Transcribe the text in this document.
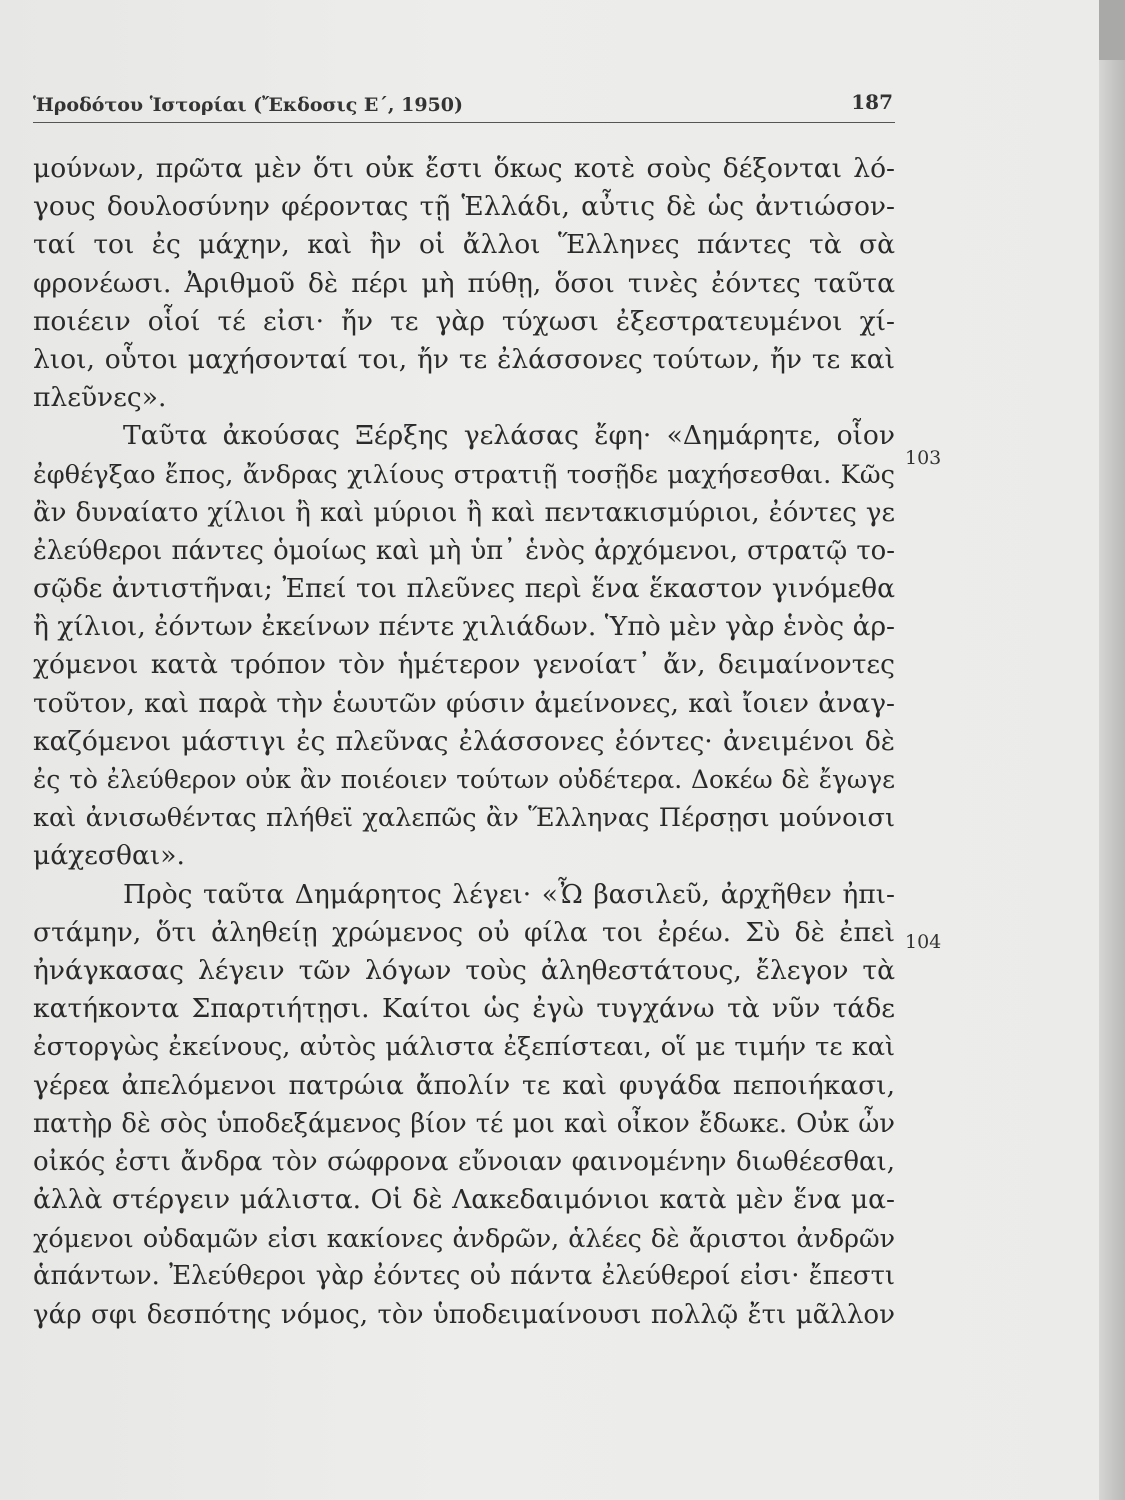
Ἡροδότου Ἱστορίαι (Ἔκδοσις Ε΄, 1950)	187
μούνων, πρῶτα μὲν ὅτι οὐκ ἔστι ὅκως κοτὲ σοὺς δέξονται λό-
γους δουλοσύνην φέροντας τῇ Ἑλλάδι, αὖτις δὲ ὡς ἀντιώσον-
ταί τοι ἐς μάχην, καὶ ἢν οἱ ἄλλοι Ἕλληνες πάντες τὰ σὰ
φρονέωσι. Ἀριθμοῦ δὲ πέρι μὴ πύθῃ, ὅσοι τινὲς ἐόντες ταῦτα
ποιέειν οἷοί τέ εἰσι· ἤν τε γὰρ τύχωσι ἐξεστρατευμένοι χί-
λιοι, οὗτοι μαχήσονταί τοι, ἤν τε ἐλάσσονες τούτων, ἤν τε καὶ
πλεῦνες».
Ταῦτα ἀκούσας Ξέρξης γελάσας ἔφη· «Δημάρητε, οἷον
ἐφθέγξαο ἔπος, ἄνδρας χιλίους στρατιῇ τοσῇδε μαχήσεσθαι. Κῶς
ἂν δυναίατο χίλιοι ἢ καὶ μύριοι ἢ καὶ πεντακισμύριοι, ἐόντες γε
ἐλεύθεροι πάντες ὁμοίως καὶ μὴ ὑπ᾽ ἑνὸς ἀρχόμενοι, στρατῷ το-
σῷδε ἀντιστῆναι; Ἐπεί τοι πλεῦνες περὶ ἕνα ἕκαστον γινόμεθα
ἢ χίλιοι, ἐόντων ἐκείνων πέντε χιλιάδων. Ὑπὸ μὲν γὰρ ἑνὸς ἀρ-
χόμενοι κατὰ τρόπον τὸν ἡμέτερον γενοίατ᾽ ἄν, δειμαίνοντες
τοῦτον, καὶ παρὰ τὴν ἑωυτῶν φύσιν ἀμείνονες, καὶ ἴοιεν ἀναγ-
καζόμενοι μάστιγι ἐς πλεῦνας ἐλάσσονες ἐόντες· ἀνειμένοι δὲ
ἐς τὸ ἐλεύθερον οὐκ ἂν ποιέοιεν τούτων οὐδέτερα. Δοκέω δὲ ἔγωγε
καὶ ἀνισωθέντας πλήθεϊ χαλεπῶς ἂν Ἕλληνας Πέρσῃσι μούνοισι
μάχεσθαι».
Πρὸς ταῦτα Δημάρητος λέγει· «Ὦ βασιλεῦ, ἀρχῆθεν ἠπι-
στάμην, ὅτι ἀληθείῃ χρώμενος οὐ φίλα τοι ἐρέω. Σὺ δὲ ἐπεὶ
ἠνάγκασας λέγειν τῶν λόγων τοὺς ἀληθεστάτους, ἔλεγον τὰ
κατήκοντα Σπαρτιήτῃσι. Καίτοι ὡς ἐγὼ τυγχάνω τὰ νῦν τάδε
ἐστοργὼς ἐκείνους, αὐτὸς μάλιστα ἐξεπίστεαι, οἵ με τιμήν τε καὶ
γέρεα ἀπελόμενοι πατρώια ἄπολίν τε καὶ φυγάδα πεποιήκασι,
πατὴρ δὲ σὸς ὑποδεξάμενος βίον τέ μοι καὶ οἶκον ἔδωκε. Οὐκ ὦν
οἰκός ἐστι ἄνδρα τὸν σώφρονα εὔνοιαν φαινομένην διωθέεσθαι,
ἀλλὰ στέργειν μάλιστα. Οἱ δὲ Λακεδαιμόνιοι κατὰ μὲν ἕνα μα-
χόμενοι οὐδαμῶν εἰσι κακίονες ἀνδρῶν, ἁλέες δὲ ἄριστοι ἀνδρῶν
ἁπάντων. Ἐλεύθεροι γὰρ ἐόντες οὐ πάντα ἐλεύθεροί εἰσι· ἔπεστι
γάρ σφι δεσπότης νόμος, τὸν ὑποδειμαίνουσι πολλῷ ἔτι μᾶλλον
103
104
